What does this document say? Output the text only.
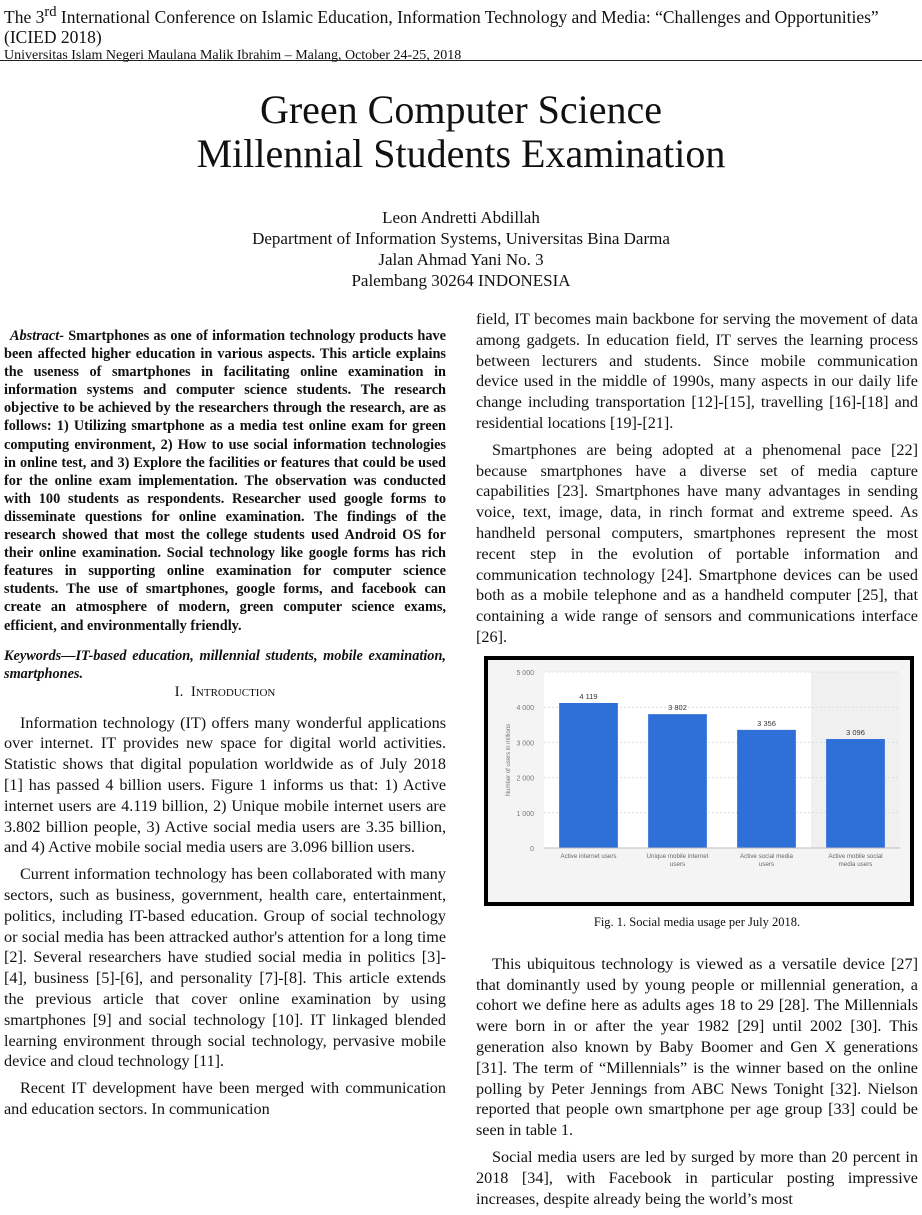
The 3rd International Conference on Islamic Education, Information Technology and Media: “Challenges and Opportunities” (ICIED 2018)
Universitas Islam Negeri Maulana Malik Ibrahim – Malang, October 24-25, 2018
Green Computer Science
Millennial Students Examination
Leon Andretti Abdillah
Department of Information Systems, Universitas Bina Darma
Jalan Ahmad Yani No. 3
Palembang 30264 INDONESIA

Abstract- Smartphones as one of information technology products have been affected higher education in various aspects. This article explains the useness of smartphones in facilitating online examination in information systems and computer science students. The research objective to be achieved by the researchers through the research, are as follows: 1) Utilizing smartphone as a media test online exam for green computing environment, 2) How to use social information technologies in online test, and 3) Explore the facilities or features that could be used for the online exam implementation. The observation was conducted with 100 students as respondents. Researcher used google forms to disseminate questions for online examination. The findings of the research showed that most the college students used Android OS for their online examination. Social technology like google forms has rich features in supporting online examination for computer science students. The use of smartphones, google forms, and facebook can create an atmosphere of modern, green computer science exams, efficient, and environmentally friendly.

Keywords—IT-based education, millennial students, mobile examination, smartphones.

I. Introduction

Information technology (IT) offers many wonderful applications over internet. IT provides new space for digital world activities. Statistic shows that digital population worldwide as of July 2018 [1] has passed 4 billion users. Figure 1 informs us that: 1) Active internet users are 4.119 billion, 2) Unique mobile internet users are 3.802 billion people, 3) Active social media users are 3.35 billion, and 4) Active mobile social media users are 3.096 billion users.

Current information technology has been collaborated with many sectors, such as business, government, health care, entertainment, politics, including IT-based education. Group of social technology or social media has been attracked author's attention for a long time [2]. Several researchers have studied social media in politics [3]-[4], business [5]-[6], and personality [7]-[8]. This article extends the previous article that cover online examination by using smartphones [9] and social technology [10]. IT linkaged blended learning environment through social technology, pervasive mobile device and cloud technology [11].

Recent IT development have been merged with communication and education sectors. In communication

field, IT becomes main backbone for serving the movement of data among gadgets. In education field, IT serves the learning process between lecturers and students. Since mobile communication device used in the middle of 1990s, many aspects in our daily life change including transportation [12]-[15], travelling [16]-[18] and residential locations [19]-[21].

Smartphones are being adopted at a phenomenal pace [22] because smartphones have a diverse set of media capture capabilities [23]. Smartphones have many advantages in sending voice, text, image, data, in rinch format and extreme speed. As handheld personal computers, smartphones represent the most recent step in the evolution of portable information and communication technology [24]. Smartphone devices can be used both as a mobile telephone and as a handheld computer [25], that containing a wide range of sensors and communications interface [26].

0
1 000
2 000
3 000
4 000
5 000
Number of users in millions
4 119
Active internet users
3 802
Unique mobile internet
users
3 356
Active social media
users
3 096
Active mobile social
media users
Fig. 1. Social media usage per July 2018.

This ubiquitous technology is viewed as a versatile device [27] that dominantly used by young people or millennial generation, a cohort we define here as adults ages 18 to 29 [28]. The Millennials were born in or after the year 1982 [29] until 2002 [30]. This generation also known by Baby Boomer and Gen X generations [31]. The term of “Millennials” is the winner based on the online polling by Peter Jennings from ABC News Tonight [32]. Nielson reported that people own smartphone per age group [33] could be seen in table 1.

Social media users are led by surged by more than 20 percent in 2018 [34], with Facebook in particular posting impressive increases, despite already being the world’s most
